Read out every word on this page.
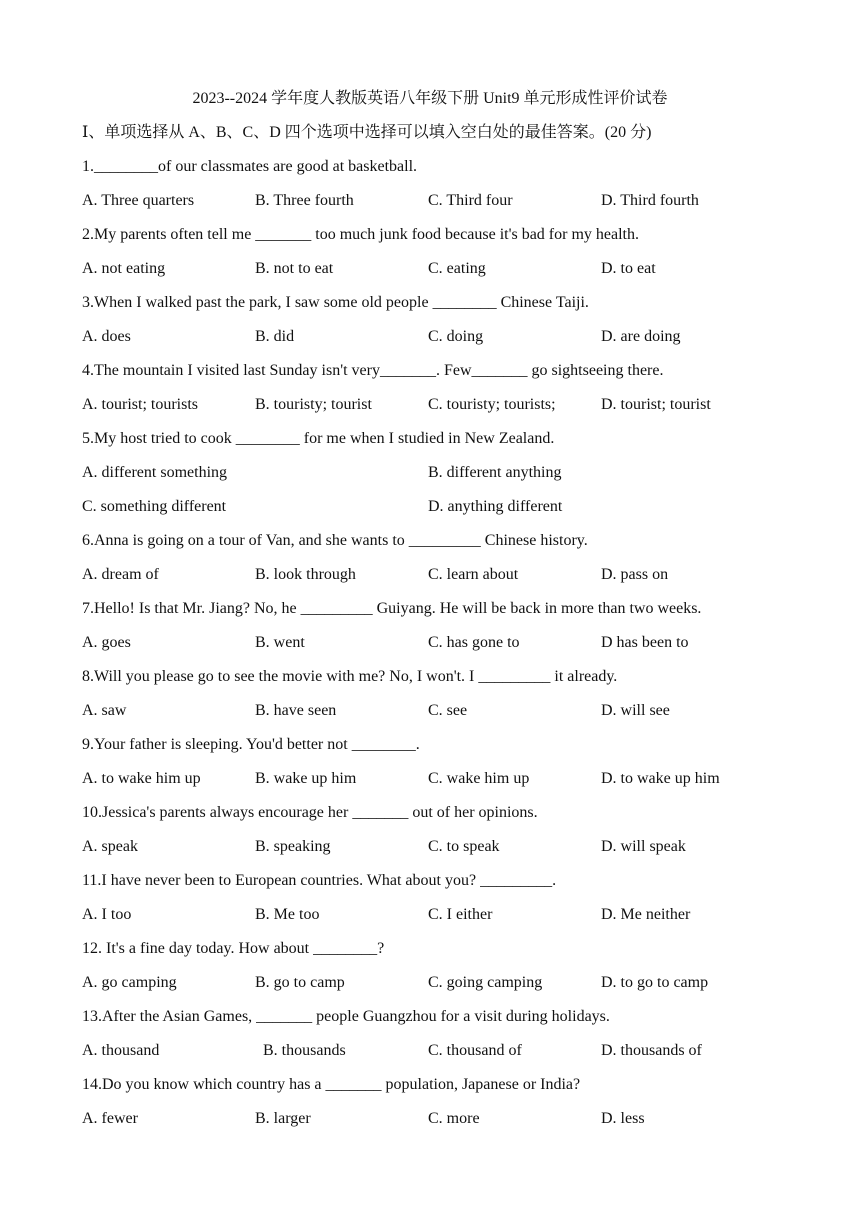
2023--2024 学年度人教版英语八年级下册 Unit9 单元形成性评价试卷
Ⅰ、单项选择从 A、B、C、D 四个选项中选择可以填入空白处的最佳答案。(20 分)
1.________of our classmates are good at basketball.
A. Three quarters	B. Three fourth	C. Third four	D. Third fourth
2.My parents often tell me _______ too much junk food because it's bad for my health.
A. not eating	B. not to eat	C. eating	D. to eat
3.When I walked past the park, I saw some old people ________ Chinese Taiji.
A. does	B. did	C. doing	D. are doing
4.The mountain I visited last Sunday isn't very_______. Few_______ go sightseeing there.
A. tourist; tourists	B. touristy; tourist	C. touristy; tourists;	D. tourist; tourist
5.My host tried to cook ________ for me when I studied in New Zealand.
A. different something	B. different anything
C. something different	D. anything different
6.Anna is going on a tour of Van, and she wants to _________ Chinese history.
A. dream of	B. look through	C. learn about	D. pass on
7.Hello! Is that Mr. Jiang? No, he _________ Guiyang. He will be back in more than two weeks.
A. goes	B. went	C. has gone to	D has been to
8.Will you please go to see the movie with me? No, I won't. I _________ it already.
A. saw	B. have seen	C. see	D. will see
9.Your father is sleeping. You'd better not ________.
A. to wake him up	B. wake up him	C. wake him up	D. to wake up him
10.Jessica's parents always encourage her _______ out of her opinions.
A. speak	B. speaking	C. to speak	D. will speak
11.I have never been to European countries. What about you? _________.
A. I too	B. Me too	C. I either	D. Me neither
12. It's a fine day today. How about ________?
A. go camping	B. go to camp	C. going camping	D. to go to camp
13.After the Asian Games, _______ people Guangzhou for a visit during holidays.
A. thousand	B. thousands	C. thousand of	D. thousands of
14.Do you know which country has a _______ population, Japanese or India?
A. fewer	B. larger	C. more	D. less
